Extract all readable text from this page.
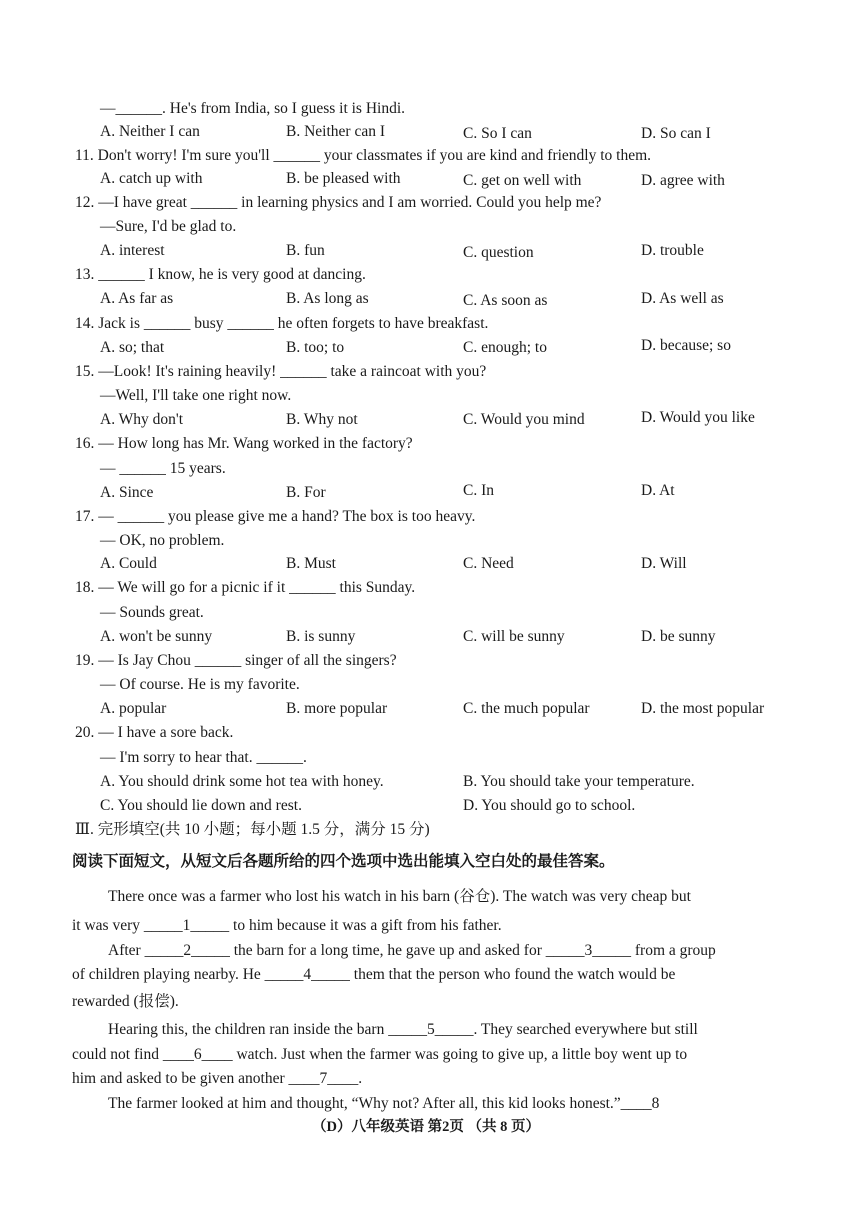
—______. He's from India, so I guess it is Hindi.
A. Neither I can	B. Neither can I	C. So I can	D. So can I
11. Don't worry! I'm sure you'll ______ your classmates if you are kind and friendly to them.
A. catch up with	B. be pleased with	C. get on well with	D. agree with
12. —I have great ______ in learning physics and I am worried. Could you help me?
—Sure, I'd be glad to.
A. interest	B. fun	C. question	D. trouble
13. ______ I know, he is very good at dancing.
A. As far as	B. As long as	C. As soon as	D. As well as
14. Jack is ______ busy ______ he often forgets to have breakfast.
A. so; that	B. too; to	C. enough; to	D. because; so
15. —Look! It's raining heavily! ______ take a raincoat with you?
—Well, I'll take one right now.
A. Why don't	B. Why not	C. Would you mind	D. Would you like
16. — How long has Mr. Wang worked in the factory?
— ______ 15 years.
A. Since	B. For	C. In	D. At
17. — ______ you please give me a hand? The box is too heavy.
— OK, no problem.
A. Could	B. Must	C. Need	D. Will
18. — We will go for a picnic if it ______ this Sunday.
— Sounds great.
A. won't be sunny	B. is sunny	C. will be sunny	D. be sunny
19. — Is Jay Chou ______ singer of all the singers?
— Of course. He is my favorite.
A. popular	B. more popular	C. the much popular	D. the most popular
20. — I have a sore back.
— I'm sorry to hear that. ______.
A. You should drink some hot tea with honey.	B. You should take your temperature.
C. You should lie down and rest.	D. You should go to school.
Ⅲ. 完形填空(共 10 小题；每小题 1.5 分，满分 15 分)
阅读下面短文，从短文后各题所给的四个选项中选出能填入空白处的最佳答案。
There once was a farmer who lost his watch in his barn (谷仓). The watch was very cheap but
it was very _____1_____ to him because it was a gift from his father.
After _____2_____ the barn for a long time, he gave up and asked for _____3_____ from a group
of children playing nearby. He _____4_____ them that the person who found the watch would be
rewarded (报偿).
Hearing this, the children ran inside the barn _____5_____. They searched everywhere but still
could not find ____6____ watch. Just when the farmer was going to give up, a little boy went up to
him and asked to be given another ____7____.
The farmer looked at him and thought, “Why not? After all, this kid looks honest.”____8
（D）八年级英语 第2页 （共 8 页）
